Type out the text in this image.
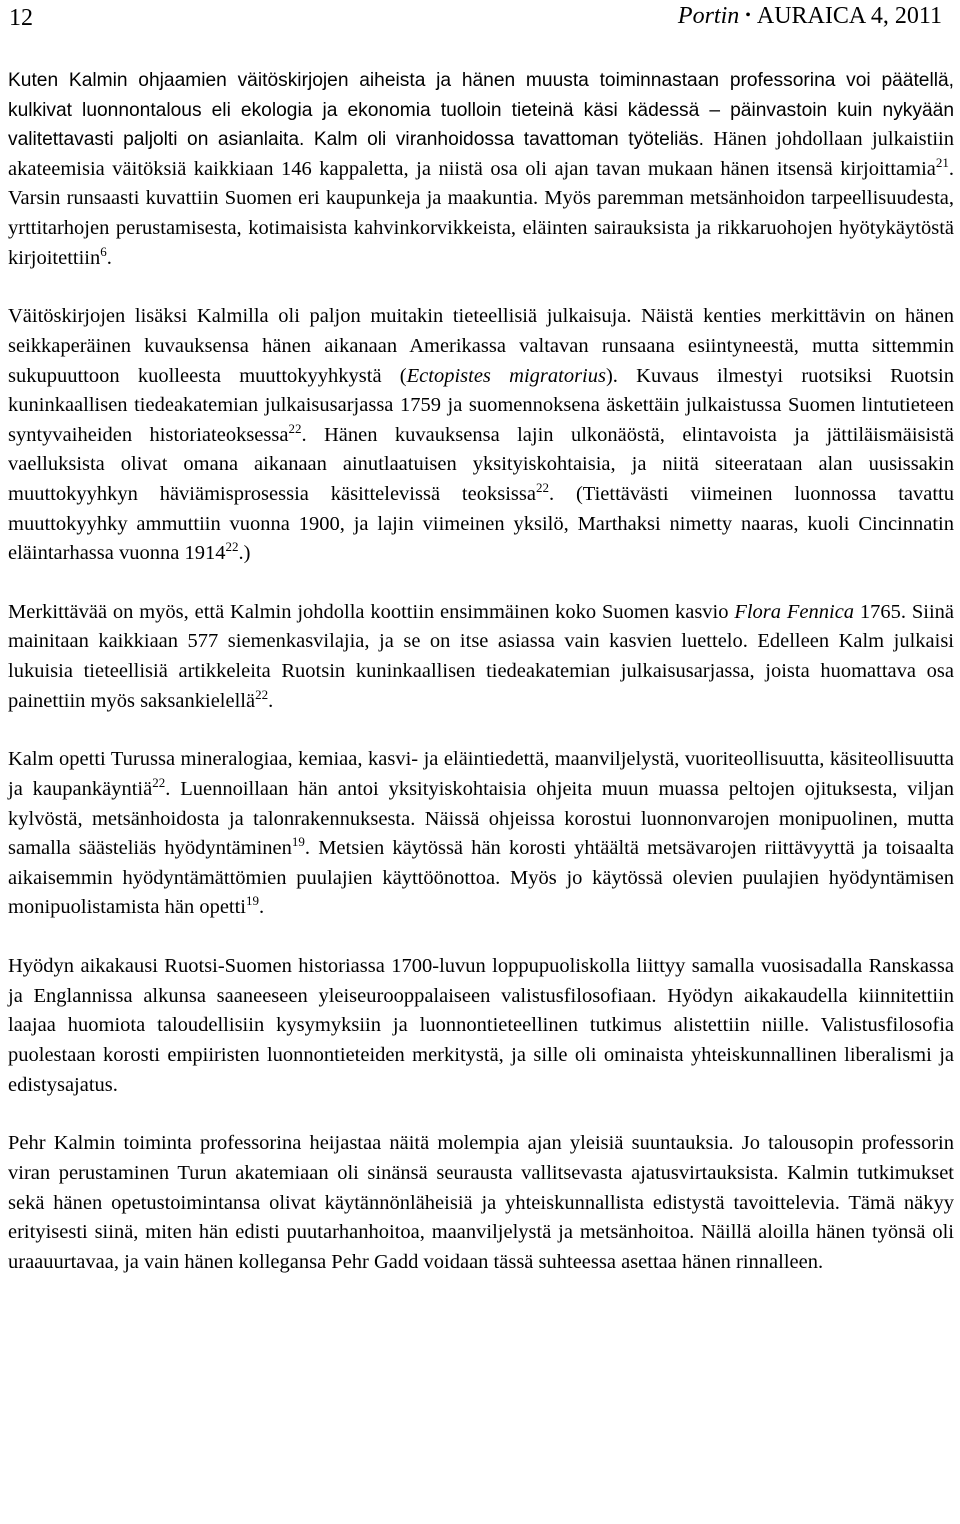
12	Portin • AURAICA 4, 2011

Kuten Kalmin ohjaamien väitöskirjojen aiheista ja hänen muusta toiminnastaan professorina voi päätellä, kulkivat luonnontalous eli ekologia ja ekonomia tuolloin tieteinä käsi kädessä – päinvastoin kuin nykyään valitettavasti paljolti on asianlaita. Kalm oli viranhoidossa tavattoman työteliäs. Hänen johdollaan julkaistiin akateemisia väitöksiä kaikkiaan 146 kappaletta, ja niistä osa oli ajan tavan mukaan hänen itsensä kirjoittamia$^{21}$. Varsin runsaasti kuvattiin Suomen eri kaupunkeja ja maakuntia. Myös paremman metsänhoidon tarpeellisuudesta, yrttitarhojen perustamisesta, kotimaisista kahvinkorvikkeista, eläinten sairauksista ja rikkaruohojen hyötykäytöstä kirjoitettiin$^6$.

Väitöskirjojen lisäksi Kalmilla oli paljon muitakin tieteellisiä julkaisuja. Näistä kenties merkittävin on hänen seikkaperäinen kuvauksensa hänen aikanaan Amerikassa valtavan runsaana esiintyneestä, mutta sittemmin sukupuuttoon kuolleesta muuttokyyhkystä (Ectopistes migratorius). Kuvaus ilmestyi ruotsiksi Ruotsin kuninkaallisen tiedeakatemian julkaisusarjassa 1759 ja suomennoksena äskettäin julkaistussa Suomen lintutieteen syntyvaiheiden historiateoksessa$^{22}$. Hänen kuvauksensa lajin ulkonäöstä, elintavoista ja jättiläismäisistä vaelluksista olivat omana aikanaan ainutlaatuisen yksityiskohtaisia, ja niitä siteerataan alan uusissakin muuttokyyhkyn häviämisprosessia käsittelevissä teoksissa$^{22}$. (Tiettävästi viimeinen luonnossa tavattu muuttokyyhky ammuttiin vuonna 1900, ja lajin viimeinen yksilö, Marthaksi nimetty naaras, kuoli Cincinnatin eläintarhassa vuonna 1914$^{22}$.)

Merkittävää on myös, että Kalmin johdolla koottiin ensimmäinen koko Suomen kasvio Flora Fennica 1765. Siinä mainitaan kaikkiaan 577 siemenkasvilajia, ja se on itse asiassa vain kasvien luettelo. Edelleen Kalm julkaisi lukuisia tieteellisiä artikkeleita Ruotsin kuninkaallisen tiedeakatemian julkaisusarjassa, joista huomattava osa painettiin myös saksankielellä$^{22}$.

Kalm opetti Turussa mineralogiaa, kemiaa, kasvi- ja eläintiedettä, maanviljelystä, vuoriteollisuutta, käsiteollisuutta ja kaupankäyntiä$^{22}$. Luennoillaan hän antoi yksityiskohtaisia ohjeita muun muassa peltojen ojituksesta, viljan kylvöstä, metsänhoidosta ja talonrakennuksesta. Näissä ohjeissa korostui luonnonvarojen monipuolinen, mutta samalla säästeliäs hyödyntäminen$^{19}$. Metsien käytössä hän korosti yhtäältä metsävarojen riittävyyttä ja toisaalta aikaisemmin hyödyntämättömien puulajien käyttöönottoa. Myös jo käytössä olevien puulajien hyödyntämisen monipuolistamista hän opetti$^{19}$.

Hyödyn aikakausi Ruotsi-Suomen historiassa 1700-luvun loppupuoliskolla liittyy samalla vuosisadalla Ranskassa ja Englannissa alkunsa saaneeseen yleiseurooppalaiseen valistusfilosofiaan. Hyödyn aikakaudella kiinnitettiin laajaa huomiota taloudellisiin kysymyksiin ja luonnontieteellinen tutkimus alistettiin niille. Valistusfilosofia puolestaan korosti empiiristen luonnontieteiden merkitystä, ja sille oli ominaista yhteiskunnallinen liberalismi ja edistysajatus.

Pehr Kalmin toiminta professorina heijastaa näitä molempia ajan yleisiä suuntauksia. Jo talousopin professorin viran perustaminen Turun akatemiaan oli sinänsä seurausta vallitsevasta ajatusvirtauksista. Kalmin tutkimukset sekä hänen opetustoimintansa olivat käytännönläheisiä ja yhteiskunnallista edistystä tavoittelevia. Tämä näkyy erityisesti siinä, miten hän edisti puutarhanhoitoa, maanviljelystä ja metsänhoitoa. Näillä aloilla hänen työnsä oli uraauurtavaa, ja vain hänen kollegansa Pehr Gadd voidaan tässä suhteessa asettaa hänen rinnalleen.
